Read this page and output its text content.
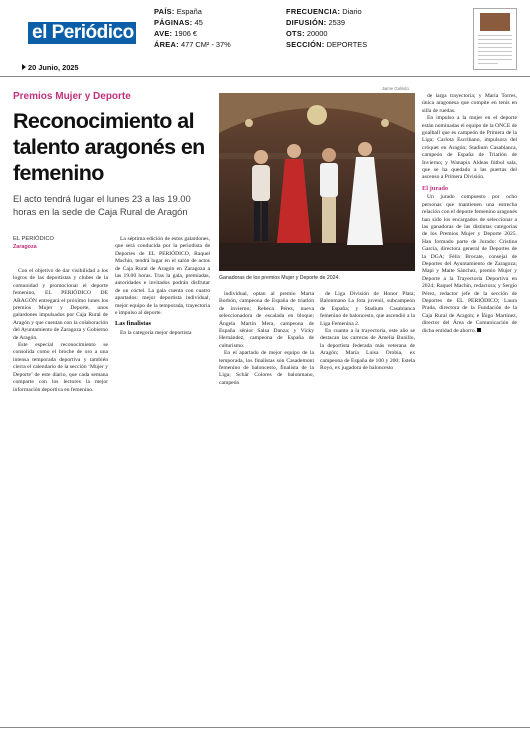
el Periódico
PAÍS: España
PÁGINAS: 45
AVE: 1906 €
ÁREA: 477 CM² - 37%
FRECUENCIA: Diario
DIFUSIÓN: 2539
OTS: 20000
SECCIÓN: DEPORTES
20 Junio, 2025
Premios Mujer y Deporte
Reconocimiento al talento aragonés en femenino
El acto tendrá lugar el lunes 23 a las 19.00 horas en la sede de Caja Rural de Aragón
EL PERIÓDICO
Zaragoza
Jaime Galindo
Ganadoras de los premios Mujer y Deporte de 2024.

Con el objetivo de dar visibilidad a los logros de las deportistas y clubes de la comunidad y promocionar el deporte femenino, EL PERIÓDICO DE ARAGÓN entregará el próximo lunes los premios Mujer y Deporte, unos galardones impulsados por Caja Rural de Aragón y que cuentan con la colaboración del Ayuntamiento de Zaragoza y Gobierno de Aragón.

Este especial reconocimiento se consolida como el broche de oro a una intensa temporada deportiva y también cierra el calendario de la sección ‘Mujer y Deporte’ de este diario, que cada semana comparte con los lectores la mejor información deportiva en femenino.

La séptima edición de estos galardones, que será conducida por la periodista de Deportes de EL PERIÓDICO, Raquel Machín, tendrá lugar en el salón de actos de Caja Rural de Aragón en Zaragoza a las 19.00 horas. Tras la gala, premiadas, autoridades e invitados podrán disfrutar de un cóctel. La gala cuenta con cuatro apartados: mejor deportista individual, mejor equipo de la temporada, trayectoria e impulso al deporte.

Las finalistas

En la categoría mejor deportista

individual, optan al premio Marta Borbón, campeona de España de triatlón de invierno; Rebeca Pérez, nueva seleccionadora de escalada en bloque; Ángela Martín Mera, campeona de España sénior Salsa Danza; y Vicky Hernández, campeona de España de culturismo.

En el apartado de mejor equipo de la temporada, los finalistas son Casademont femenino de baloncesto, finalista de la Liga; Schär Colores de balonmano, campeón

de Liga División de Honor Plata; Balonmano La Jota juvenil, subcampeón de España; y Stadium Casablanca femenino de baloncesto, que ascendió a la Liga Femenina 2.

En cuanto a la trayectoria, este año se destacan las carreras de Amelia Bunillo, la deportista federada más veterana de Aragón; María Luisa Orobia, ex campeona de España de 100 y 200; Estela Royo, ex jugadora de baloncesto

de larga trayectoria; y María Torres, única aragonesa que compite en tenis en silla de ruedas.

En impulso a la mujer en el deporte están nominadas el equipo de la ONCE de goalball que es campeón de Primera de la Liga; Carlota Escribano, impulsora del cróquet en Aragón; Stadium Casablanca, campeón de España de Triatlón de Invierno; y Wanapix Aldeas fútbol sala, que se ha quedado a las puertas del ascenso a Primera División.

El jurado

Un jurado compuesto por ocho personas que mantienen una estrecha relación con el deporte femenino aragonés han sido los encargados de seleccionar a las ganadoras de las distintas categorías de los Premios Mujer y Deporte 2025. Han formado parte de Jurado: Cristina García, directora general de Deportes de la DGA; Félix Brocate, consejal de Deportes del Ayuntamiento de Zaragoza; Mapi y Maite Sánchez, premio Mujer y Deporte a la Trayectoria Deportiva en 2024; Raquel Machín, redactora; y Sergio Pérez, redactor jefe de la sección de Deportes de EL PERIÓDICO; Laura Prada, directora de la Fundación de la Caja Rural de Aragón; e Íñigo Martínez, director del Área de Comunicación de dicha entidad de ahorro.
